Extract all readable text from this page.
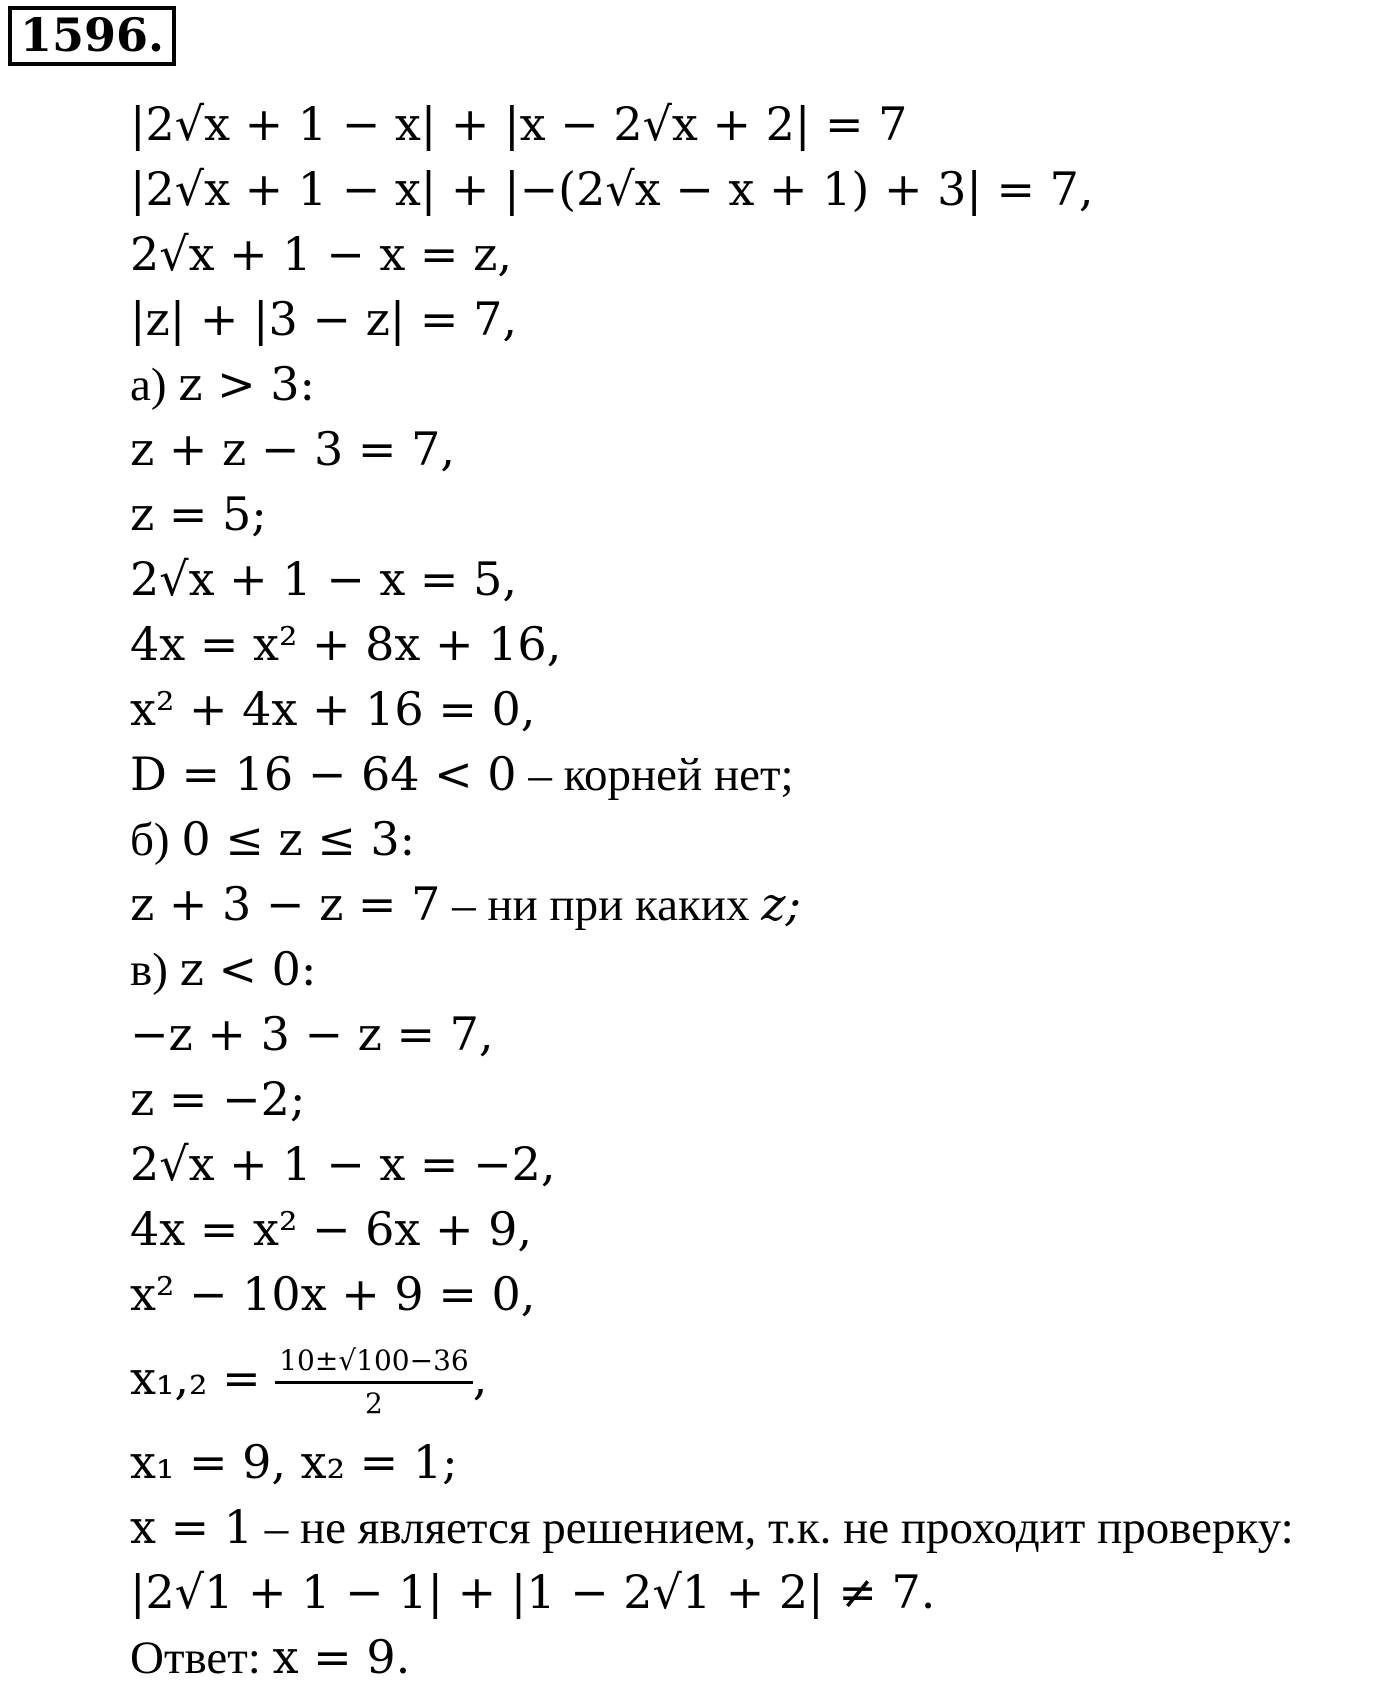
1596.
|2√x + 1 − x| + |x − 2√x + 2| = 7
|2√x + 1 − x| + |−(2√x − x + 1) + 3| = 7,
2√x + 1 − x = z,
|z| + |3 − z| = 7,
а) z > 3:
z + z − 3 = 7,
z = 5;
2√x + 1 − x = 5,
4x = x² + 8x + 16,
x² + 4x + 16 = 0,
D = 16 − 64 < 0 – корней нет;
б) 0 ≤ z ≤ 3:
z + 3 − z = 7 – ни при каких z;
в) z < 0:
−z + 3 − z = 7,
z = −2;
2√x + 1 − x = −2,
4x = x² − 6x + 9,
x² − 10x + 9 = 0,
$x_1,_2 = \frac{10\pm√100-36}{2}$ ,
x₁ = 9, x₂ = 1;
x = 1 – не является решением, т.к. не проходит проверку:
|2√1 + 1 − 1| + |1 − 2√1 + 2| ≠ 7.
Ответ: x = 9.
